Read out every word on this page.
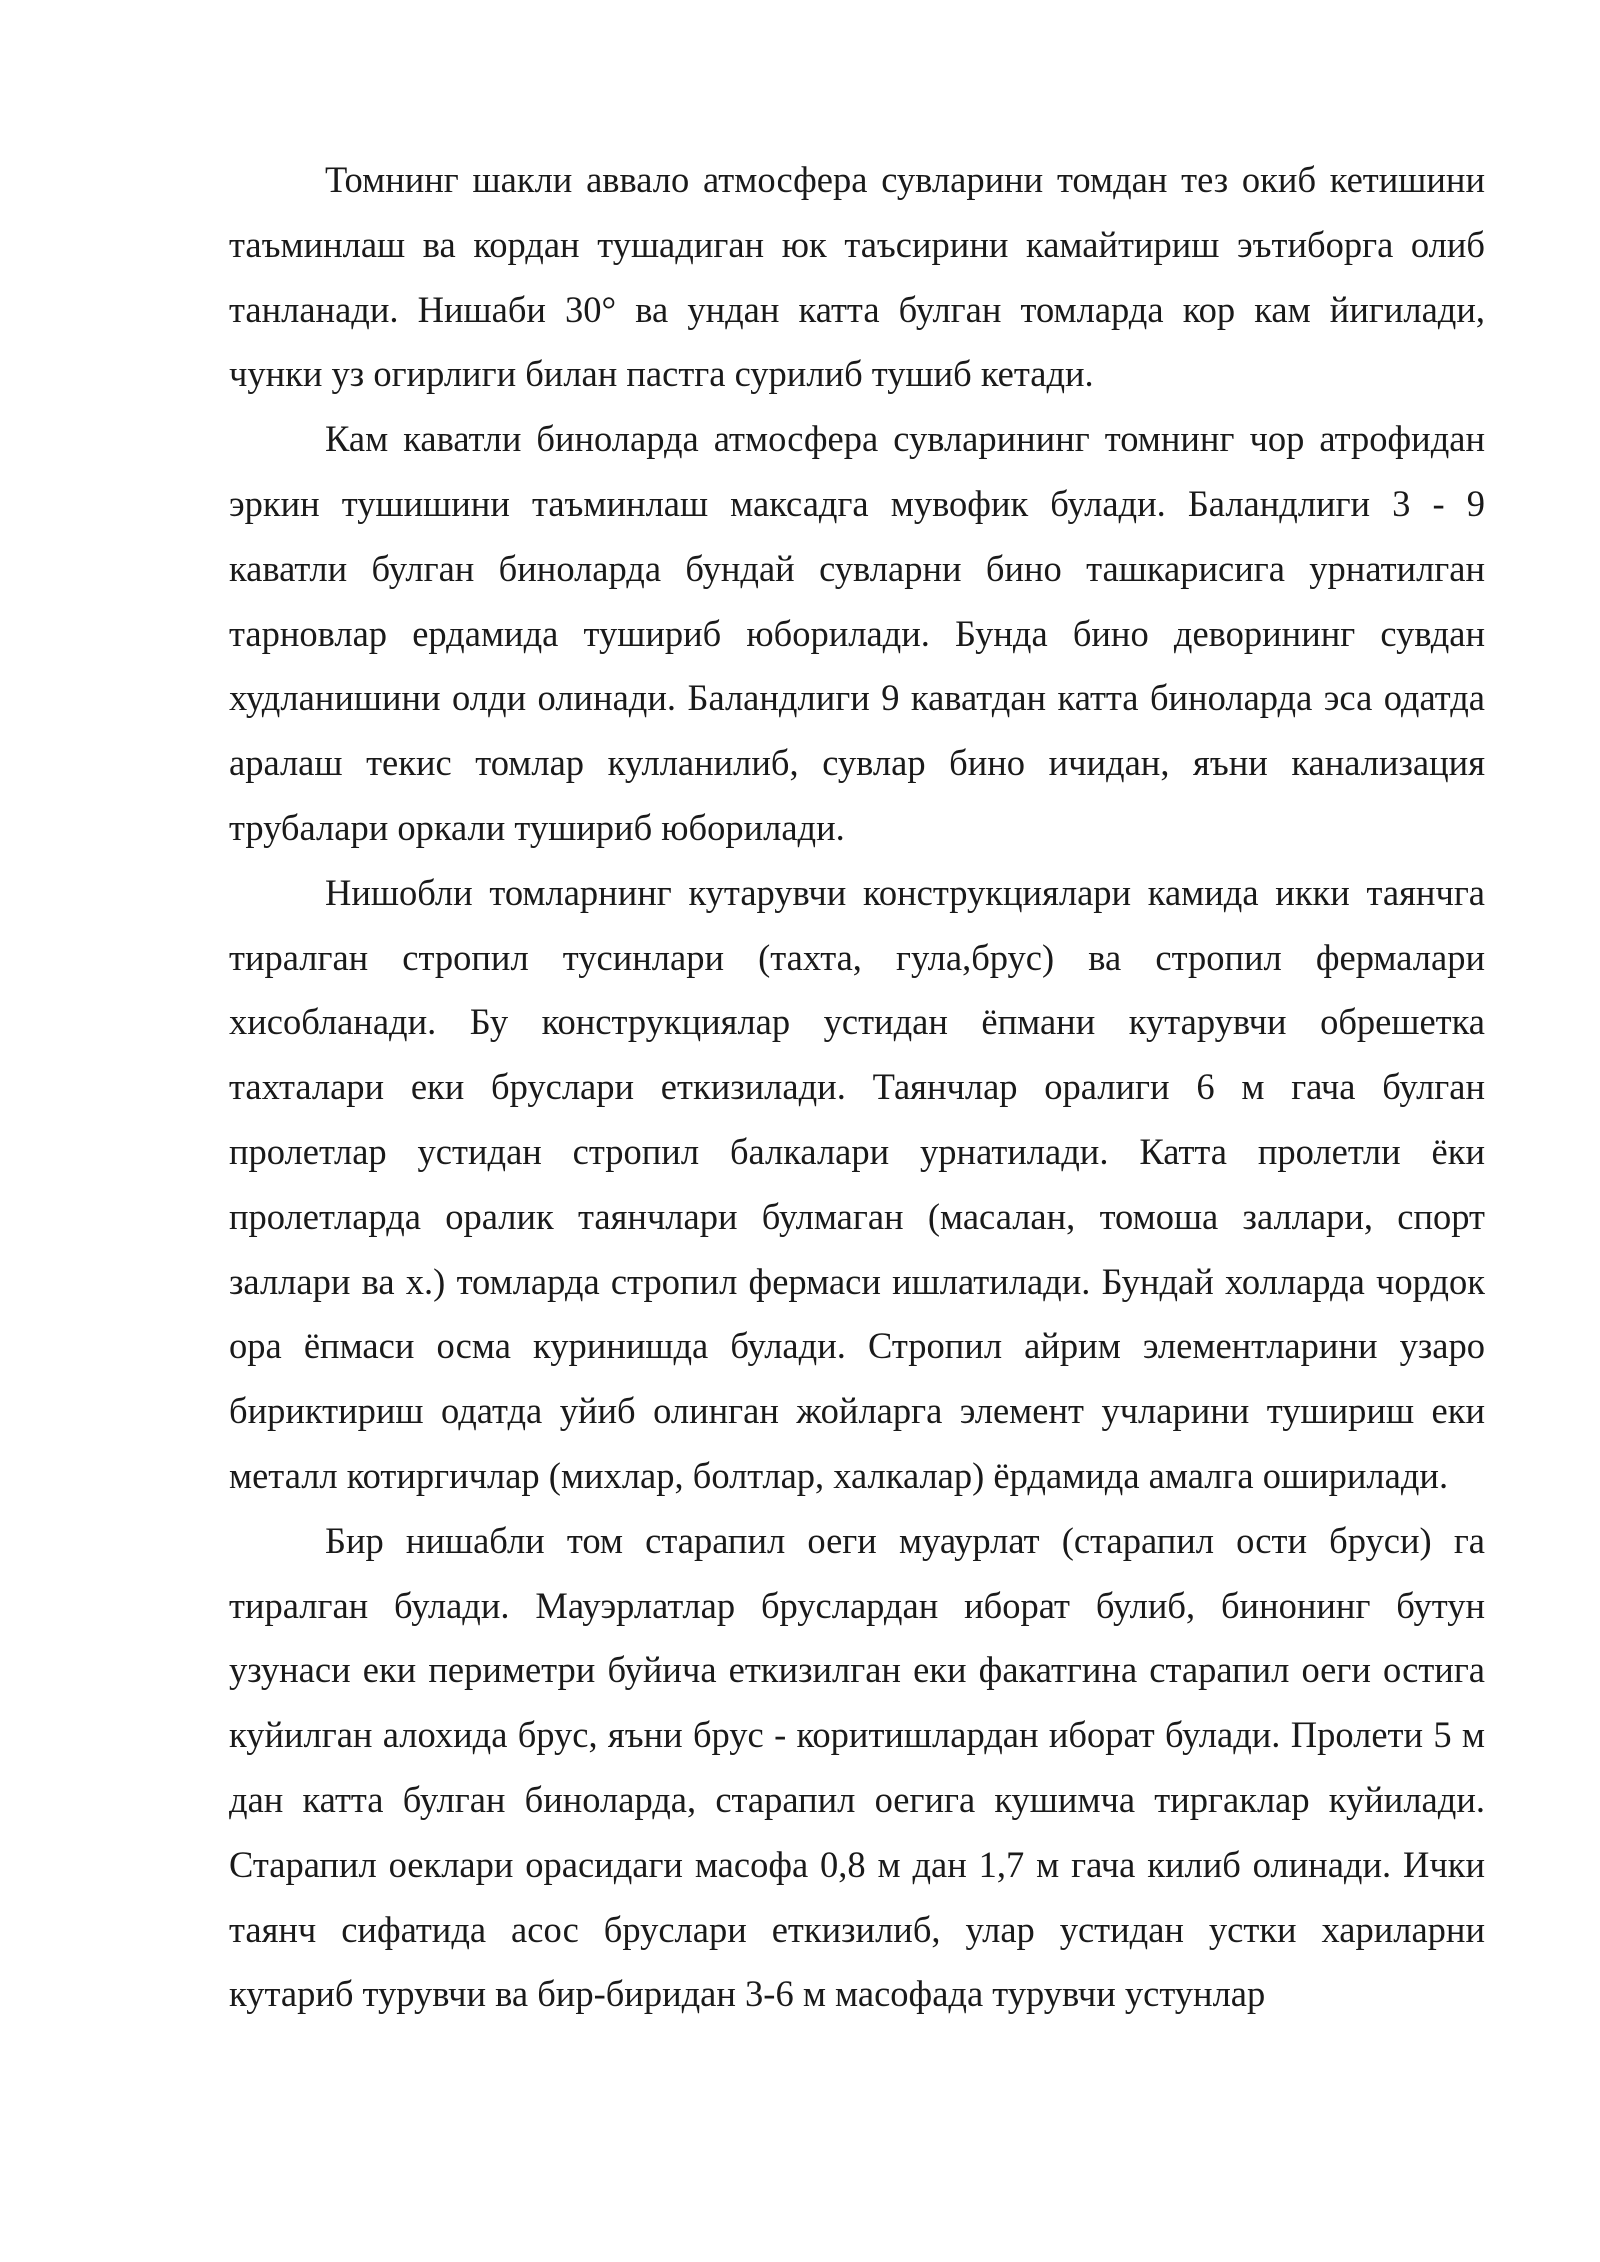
Томнинг шакли аввало атмосфера сувларини томдан тез окиб кетишини таъминлаш ва кордан тушадиган юк таъсирини камайтириш эътиборга олиб танланади. Нишаби 30° ва ундан катта булган томларда кор кам йигилади, чунки уз огирлиги билан пастга сурилиб тушиб кетади.

Кам каватли биноларда атмосфера сувларининг томнинг чор атрофидан эркин тушишини таъминлаш максадга мувофик булади. Баландлиги 3 - 9 каватли булган биноларда бундай сувларни бино ташкарисига урнатилган тарновлар ердамида тушириб юборилади. Бунда бино деворининг сувдан худланишини олди олинади. Баландлиги 9 каватдан катта биноларда эса одатда аралаш текис томлар кулланилиб, сувлар бино ичидан, яъни канализация трубалари оркали тушириб юборилади.

Нишобли томларнинг кутарувчи конструкциялари камида икки таянчга тиралган стропил тусинлари (тахта, гула,брус) ва стропил фермалари хисобланади. Бу конструкциялар устидан ёпмани кутарувчи обрешетка тахталари еки бруслари еткизилади. Таянчлар оралиги 6 м гача булган пролетлар устидан стропил балкалари урнатилади. Катта пролетли ёки пролетларда оралик таянчлари булмаган (масалан, томоша заллари, спорт заллари ва х.) томларда стропил фермаси ишлатилади. Бундай холларда чордок ора ёпмаси осма куринишда булади. Стропил айрим элементларини узаро бириктириш одатда уйиб олинган жойларга элемент учларини тушириш еки металл котиргичлар (михлар, болтлар, халкалар) ёрдамида амалга оширилади.

Бир нишабли том старапил оеги муаурлат (старапил ости бруси) га тиралган булади. Мауэрлатлар бруслардан иборат булиб, бинонинг бутун узунаси еки периметри буйича еткизилган еки факатгина старапил оеги остига куйилган алохида брус, яъни брус - коритишлардан иборат булади. Пролети 5 м дан катта булган биноларда, старапил оегига кушимча тиргаклар куйилади. Старапил оеклари орасидаги масофа 0,8 м дан 1,7 м гача килиб олинади. Ички таянч сифатида асос бруслари еткизилиб, улар устидан устки хариларни кутариб турувчи ва бир-биридан 3-6 м масофада турувчи устунлар
